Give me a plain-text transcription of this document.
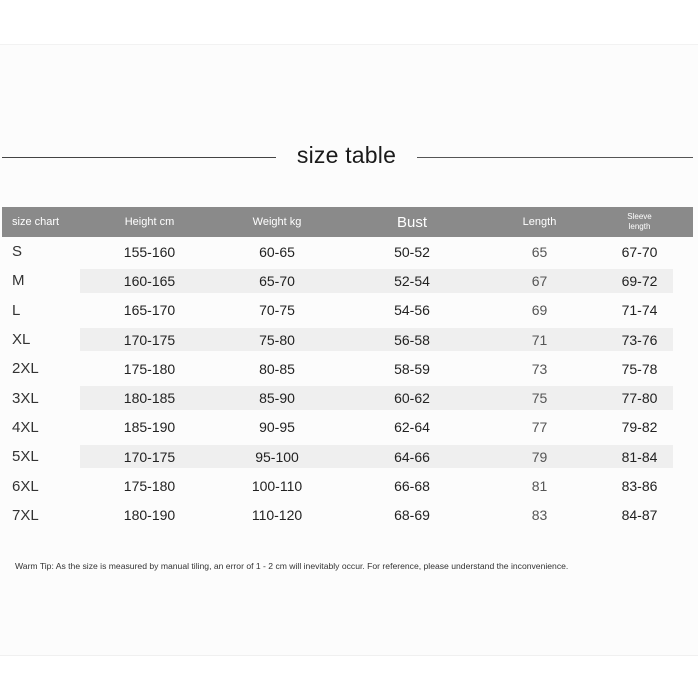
size table
size chart	Height cm	Weight kg	Bust	Length	Sleeve
length
S	155-160	60-65	50-52	65	67-70
M	160-165	65-70	52-54	67	69-72
L	165-170	70-75	54-56	69	71-74
XL	170-175	75-80	56-58	71	73-76
2XL	175-180	80-85	58-59	73	75-78
3XL	180-185	85-90	60-62	75	77-80
4XL	185-190	90-95	62-64	77	79-82
5XL	170-175	95-100	64-66	79	81-84
6XL	175-180	100-110	66-68	81	83-86
7XL	180-190	110-120	68-69	83	84-87
Warm Tip: As the size is measured by manual tiling, an error of 1 - 2 cm will inevitably occur. For reference, please understand the inconvenience.
